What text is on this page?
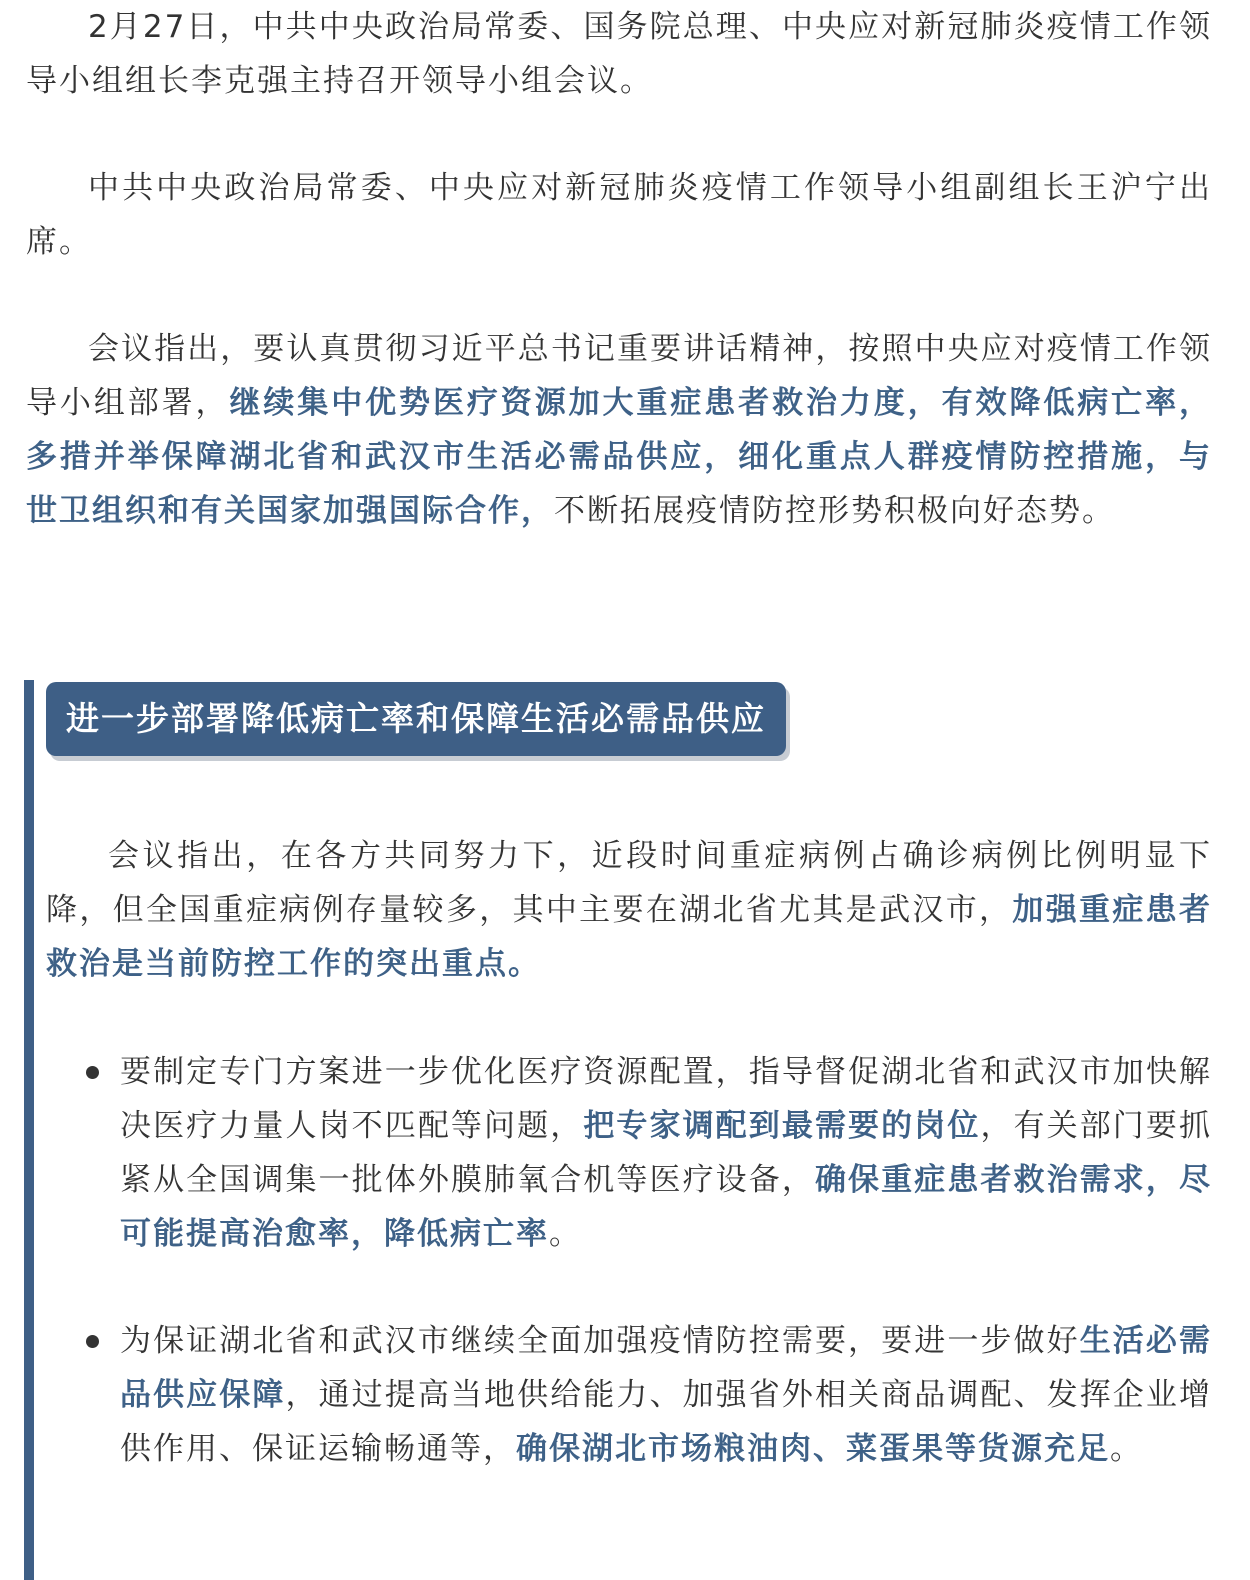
2月27日，中共中央政治局常委、国务院总理、中央应对新冠肺炎疫情工作领导小组组长李克强主持召开领导小组会议。

中共中央政治局常委、中央应对新冠肺炎疫情工作领导小组副组长王沪宁出席。

会议指出，要认真贯彻习近平总书记重要讲话精神，按照中央应对疫情工作领导小组部署，继续集中优势医疗资源加大重症患者救治力度，有效降低病亡率，多措并举保障湖北省和武汉市生活必需品供应，细化重点人群疫情防控措施，与世卫组织和有关国家加强国际合作，不断拓展疫情防控形势积极向好态势。

进一步部署降低病亡率和保障生活必需品供应

会议指出，在各方共同努力下，近段时间重症病例占确诊病例比例明显下降，但全国重症病例存量较多，其中主要在湖北省尤其是武汉市，加强重症患者救治是当前防控工作的突出重点。

要制定专门方案进一步优化医疗资源配置，指导督促湖北省和武汉市加快解决医疗力量人岗不匹配等问题，把专家调配到最需要的岗位，有关部门要抓紧从全国调集一批体外膜肺氧合机等医疗设备，确保重症患者救治需求，尽可能提高治愈率，降低病亡率。
为保证湖北省和武汉市继续全面加强疫情防控需要，要进一步做好生活必需品供应保障，通过提高当地供给能力、加强省外相关商品调配、发挥企业增供作用、保证运输畅通等，确保湖北市场粮油肉、菜蛋果等货源充足。
